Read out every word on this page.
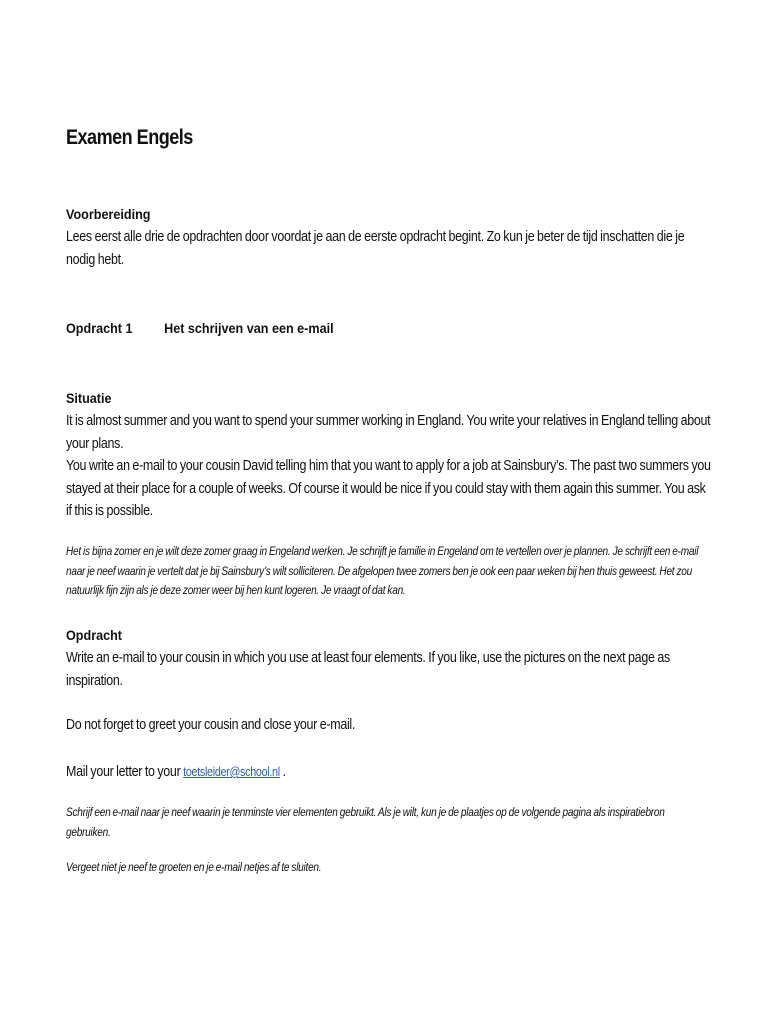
Examen Engels
Voorbereiding
Lees eerst alle drie de opdrachten door voordat je aan de eerste opdracht begint. Zo kun je beter de tijd inschatten die je nodig hebt.
Opdracht 1 Het schrijven van een e-mail
Situatie
It is almost summer and you want to spend your summer working in England. You write your relatives in England telling about your plans.
You write an e-mail to your cousin David telling him that you want to apply for a job at Sainsbury’s. The past two summers you stayed at their place for a couple of weeks. Of course it would be nice if you could stay with them again this summer. You ask if this is possible.
Het is bijna zomer en je wilt deze zomer graag in Engeland werken. Je schrijft je familie in Engeland om te vertellen over je plannen. Je schrijft een e-mail naar je neef waarin je vertelt dat je bij Sainsbury’s wilt solliciteren. De afgelopen twee zomers ben je ook een paar weken bij hen thuis geweest. Het zou natuurlijk fijn zijn als je deze zomer weer bij hen kunt logeren. Je vraagt of dat kan.
Opdracht
Write an e-mail to your cousin in which you use at least four elements. If you like, use the pictures on the next page as inspiration.
Do not forget to greet your cousin and close your e-mail.
Mail your letter to your toetsleider@school.nl .
Schrijf een e-mail naar je neef waarin je tenminste vier elementen gebruikt. Als je wilt, kun je de plaatjes op de volgende pagina als inspiratiebron gebruiken.
Vergeet niet je neef te groeten en je e-mail netjes af te sluiten.
